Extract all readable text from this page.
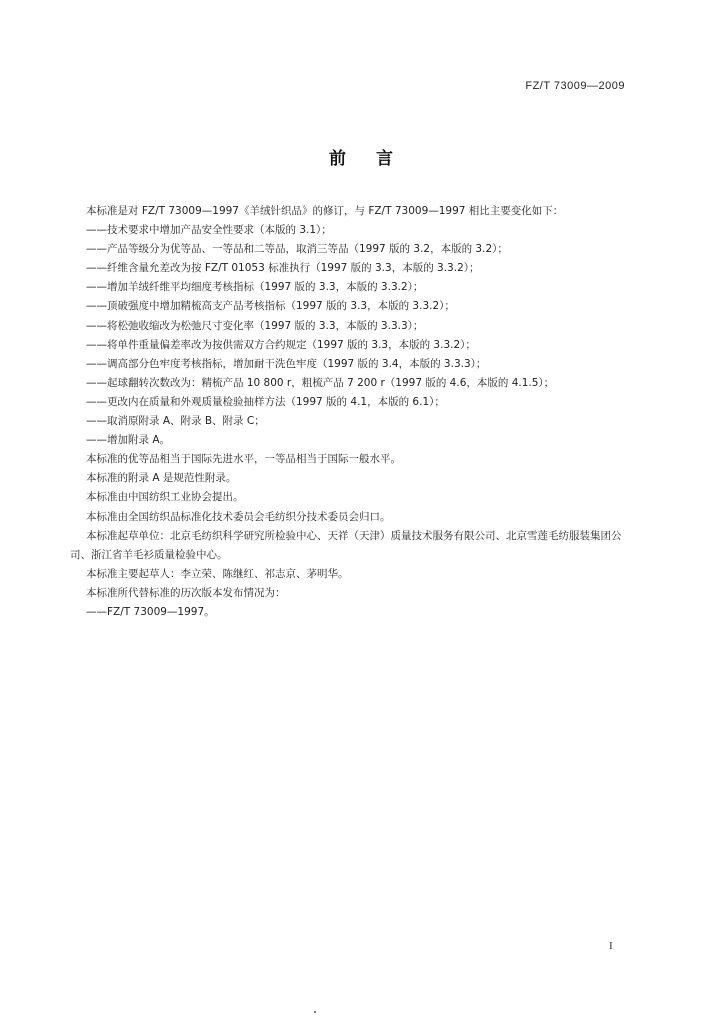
FZ/T 73009—2009
前言

本标准是对 FZ/T 73009—1997《羊绒针织品》的修订，与 FZ/T 73009—1997 相比主要变化如下：

——技术要求中增加产品安全性要求（本版的 3.1）；

——产品等级分为优等品、一等品和二等品，取消三等品（1997 版的 3.2，本版的 3.2）；

——纤维含量允差改为按 FZ/T 01053 标准执行（1997 版的 3.3，本版的 3.3.2）；

——增加羊绒纤维平均细度考核指标（1997 版的 3.3，本版的 3.3.2）；

——顶破强度中增加精梳高支产品考核指标（1997 版的 3.3，本版的 3.3.2）；

——将松弛收缩改为松弛尺寸变化率（1997 版的 3.3，本版的 3.3.3）；

——将单件重量偏差率改为按供需双方合约规定（1997 版的 3.3，本版的 3.3.2）；

——调高部分色牢度考核指标，增加耐干洗色牢度（1997 版的 3.4，本版的 3.3.3）；

——起球翻转次数改为：精梳产品 10 800 r，粗梳产品 7 200 r（1997 版的 4.6，本版的 4.1.5）；

——更改内在质量和外观质量检验抽样方法（1997 版的 4.1，本版的 6.1）；

——取消原附录 A、附录 B、附录 C；

——增加附录 A。

本标准的优等品相当于国际先进水平，一等品相当于国际一般水平。

本标准的附录 A 是规范性附录。

本标准由中国纺织工业协会提出。

本标准由全国纺织品标准化技术委员会毛纺织分技术委员会归口。

本标准起草单位：北京毛纺织科学研究所检验中心、天祥（天津）质量技术服务有限公司、北京雪莲毛纺服装集团公司、浙江省羊毛衫质量检验中心。

本标准主要起草人：李立荣、陈继红、祁志京、茅明华。

本标准所代替标准的历次版本发布情况为：

——FZ/T 73009—1997。

I
